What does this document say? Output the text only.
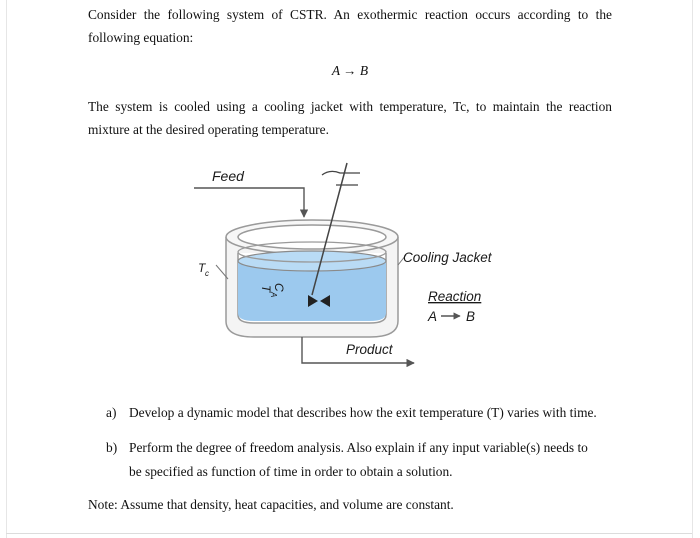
Consider the following system of CSTR. An exothermic reaction occurs according to the
following equation:
A → B
The system is cooled using a cooling jacket with temperature, Tc, to maintain the reaction
mixture at the desired operating temperature.
Feed
T c
C
A
T
Cooling Jacket
Reaction
A B
Product
a) Develop a dynamic model that describes how the exit temperature (T) varies with time.
b) Perform the degree of freedom analysis. Also explain if any input variable(s) needs to
be specified as function of time in order to obtain a solution.
Note: Assume that density, heat capacities, and volume are constant.
